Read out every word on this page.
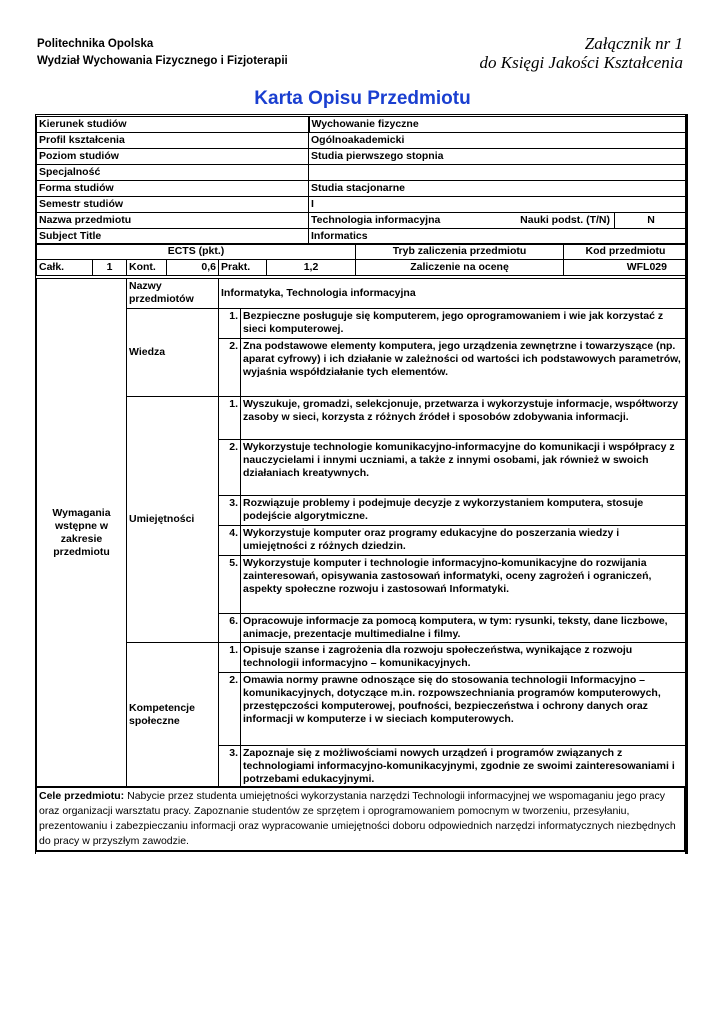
Politechnika Opolska
Wydział Wychowania Fizycznego i Fizjoterapii
Załącznik nr 1
do Księgi Jakości Kształcenia
Karta Opisu Przedmiotu
Kierunek studiów	Wychowanie fizyczne	
Profil kształcenia	Ogólnoakademicki	
Poziom studiów	Studia pierwszego stopnia	
Specjalność		
Forma studiów	Studia stacjonarne	
Semestr studiów	I	
Nazwa przedmiotu	Technologia informacyjna Nauki podst. (T/N)	N
Subject Title	Informatics	
ECTS (pkt.)						Tryb zaliczenia przedmiotu	Kod przedmiotu
Całk.	1	Kont.	0,6	Prakt.	1,2	Zaliczenie na ocenę	WFL029
Wymagania wstępne w zakresie przedmiotu	Nazwy przedmiotów	Informatyka, Technologia informacyjna	
	Wiedza	1.	Bezpieczne posługuje się komputerem, jego oprogramowaniem i wie jak korzystać z sieci komputerowej.
		2.	Zna podstawowe elementy komputera, jego urządzenia zewnętrzne i towarzyszące (np. aparat cyfrowy) i ich działanie w zależności od wartości ich podstawowych parametrów, wyjaśnia współdziałanie tych elementów.
	Umiejętności	1.	Wyszukuje, gromadzi, selekcjonuje, przetwarza i wykorzystuje informacje, współtworzy zasoby w sieci, korzysta z różnych źródeł i sposobów zdobywania informacji.
		2.	Wykorzystuje technologie komunikacyjno-informacyjne do komunikacji i współpracy z nauczycielami i innymi uczniami, a także z innymi osobami, jak również w swoich działaniach kreatywnych.
		3.	Rozwiązuje problemy i podejmuje decyzje z wykorzystaniem komputera, stosuje podejście algorytmiczne.
		4.	Wykorzystuje komputer oraz programy edukacyjne do poszerzania wiedzy i umiejętności z różnych dziedzin.
		5.	Wykorzystuje komputer i technologie informacyjno-komunikacyjne do rozwijania zainteresowań, opisywania zastosowań informatyki, oceny zagrożeń i ograniczeń, aspekty społeczne rozwoju i zastosowań Informatyki.
		6.	Opracowuje informacje za pomocą komputera, w tym: rysunki, teksty, dane liczbowe, animacje, prezentacje multimedialne i filmy.
	Kompetencje społeczne	1.	Opisuje szanse i zagrożenia dla rozwoju społeczeństwa, wynikające z rozwoju technologii informacyjno – komunikacyjnych.
		2.	Omawia normy prawne odnoszące się do stosowania technologii Informacyjno – komunikacyjnych, dotyczące m.in. rozpowszechniania programów komputerowych, przestępczości komputerowej, poufności, bezpieczeństwa i ochrony danych oraz informacji w komputerze i w sieciach komputerowych.
		3.	Zapoznaje się z możliwościami nowych urządzeń i programów związanych z technologiami informacyjno-komunikacyjnymi, zgodnie ze swoimi zainteresowaniami i potrzebami edukacyjnymi.
Cele przedmiotu: Nabycie przez studenta umiejętności wykorzystania narzędzi Technologii informacyjnej we wspomaganiu jego pracy oraz organizacji warsztatu pracy. Zapoznanie studentów ze sprzętem i oprogramowaniem pomocnym w tworzeniu, przesyłaniu, prezentowaniu i zabezpieczaniu informacji oraz wypracowanie umiejętności doboru odpowiednich narzędzi informatycznych niezbędnych do pracy w przyszłym zawodzie.
